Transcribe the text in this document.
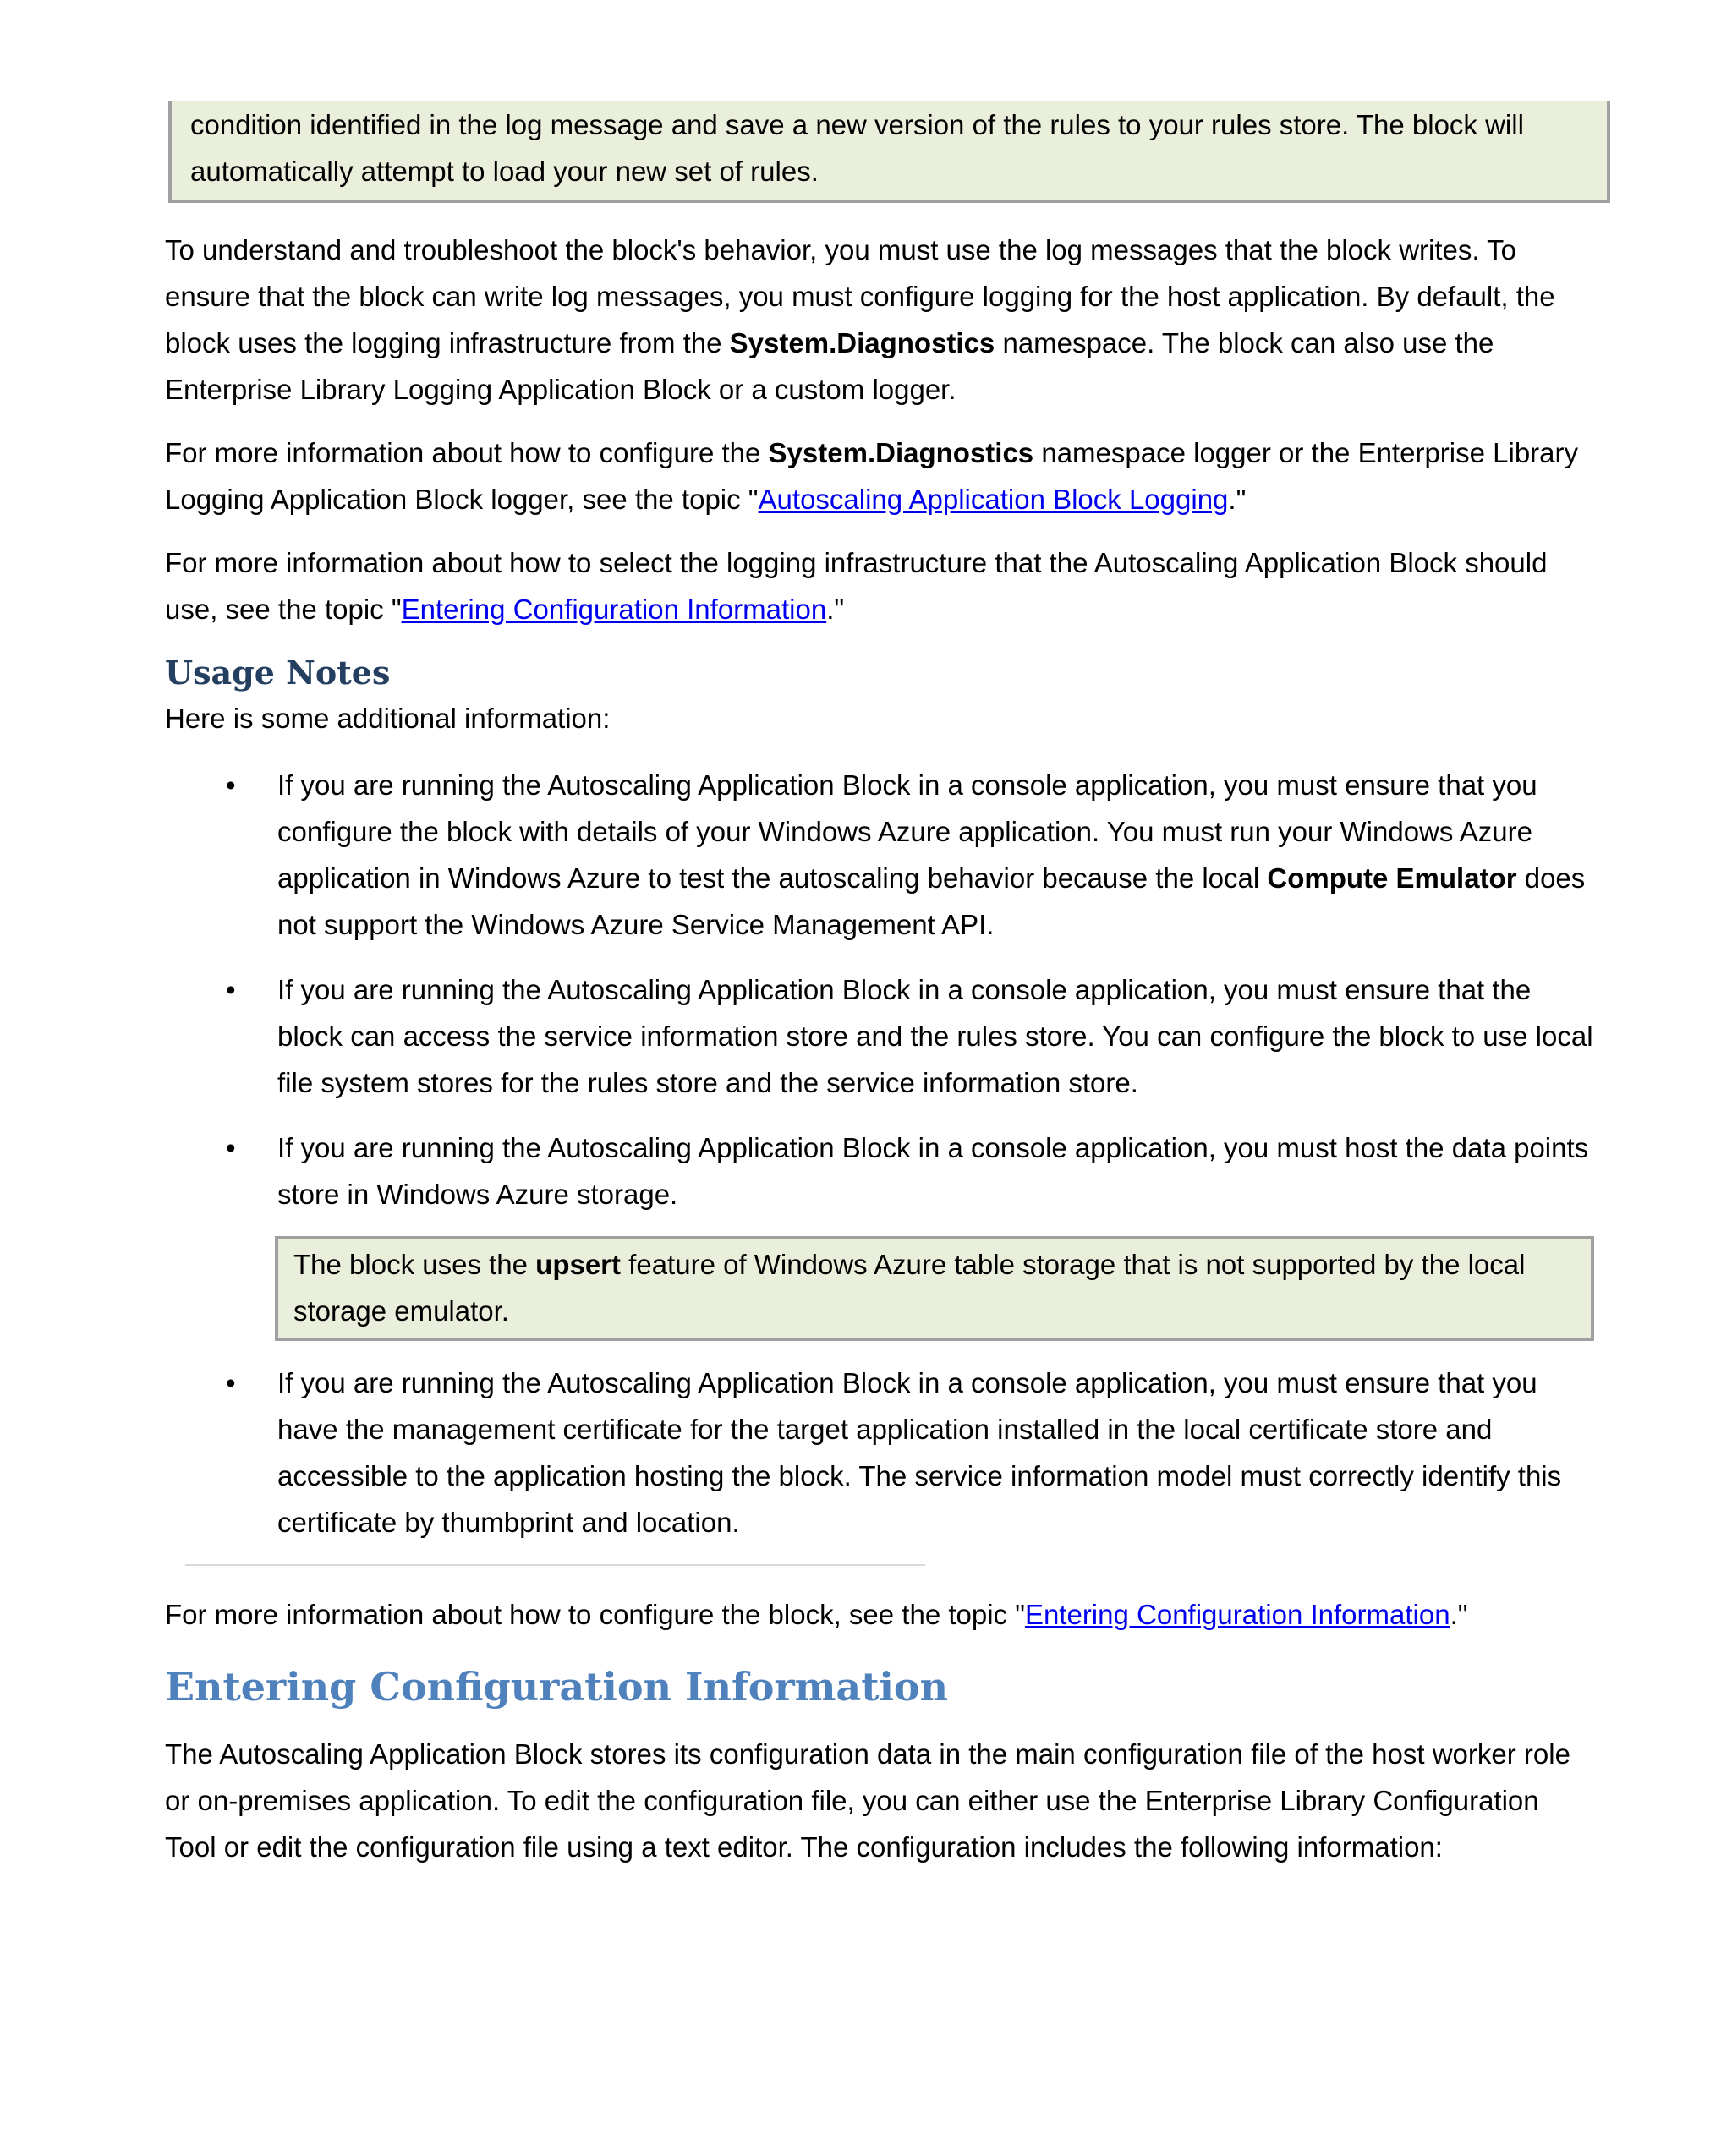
condition identified in the log message and save a new version of the rules to your rules store. The block will automatically attempt to load your new set of rules.

To understand and troubleshoot the block's behavior, you must use the log messages that the block writes. To ensure that the block can write log messages, you must configure logging for the host application. By default, the block uses the logging infrastructure from the System.Diagnostics namespace. The block can also use the Enterprise Library Logging Application Block or a custom logger.

For more information about how to configure the System.Diagnostics namespace logger or the Enterprise Library Logging Application Block logger, see the topic "Autoscaling Application Block Logging."

For more information about how to select the logging infrastructure that the Autoscaling Application Block should use, see the topic "Entering Configuration Information."

Usage Notes

Here is some additional information:

• If you are running the Autoscaling Application Block in a console application, you must ensure that you configure the block with details of your Windows Azure application. You must run your Windows Azure application in Windows Azure to test the autoscaling behavior because the local Compute Emulator does not support the Windows Azure Service Management API.
• If you are running the Autoscaling Application Block in a console application, you must ensure that the block can access the service information store and the rules store. You can configure the block to use local file system stores for the rules store and the service information store.
• If you are running the Autoscaling Application Block in a console application, you must host the data points store in Windows Azure storage.
The block uses the upsert feature of Windows Azure table storage that is not supported by the local storage emulator.
• If you are running the Autoscaling Application Block in a console application, you must ensure that you have the management certificate for the target application installed in the local certificate store and accessible to the application hosting the block. The service information model must correctly identify this certificate by thumbprint and location.

For more information about how to configure the block, see the topic "Entering Configuration Information."

Entering Configuration Information

The Autoscaling Application Block stores its configuration data in the main configuration file of the host worker role or on-premises application. To edit the configuration file, you can either use the Enterprise Library Configuration Tool or edit the configuration file using a text editor. The configuration includes the following information:
